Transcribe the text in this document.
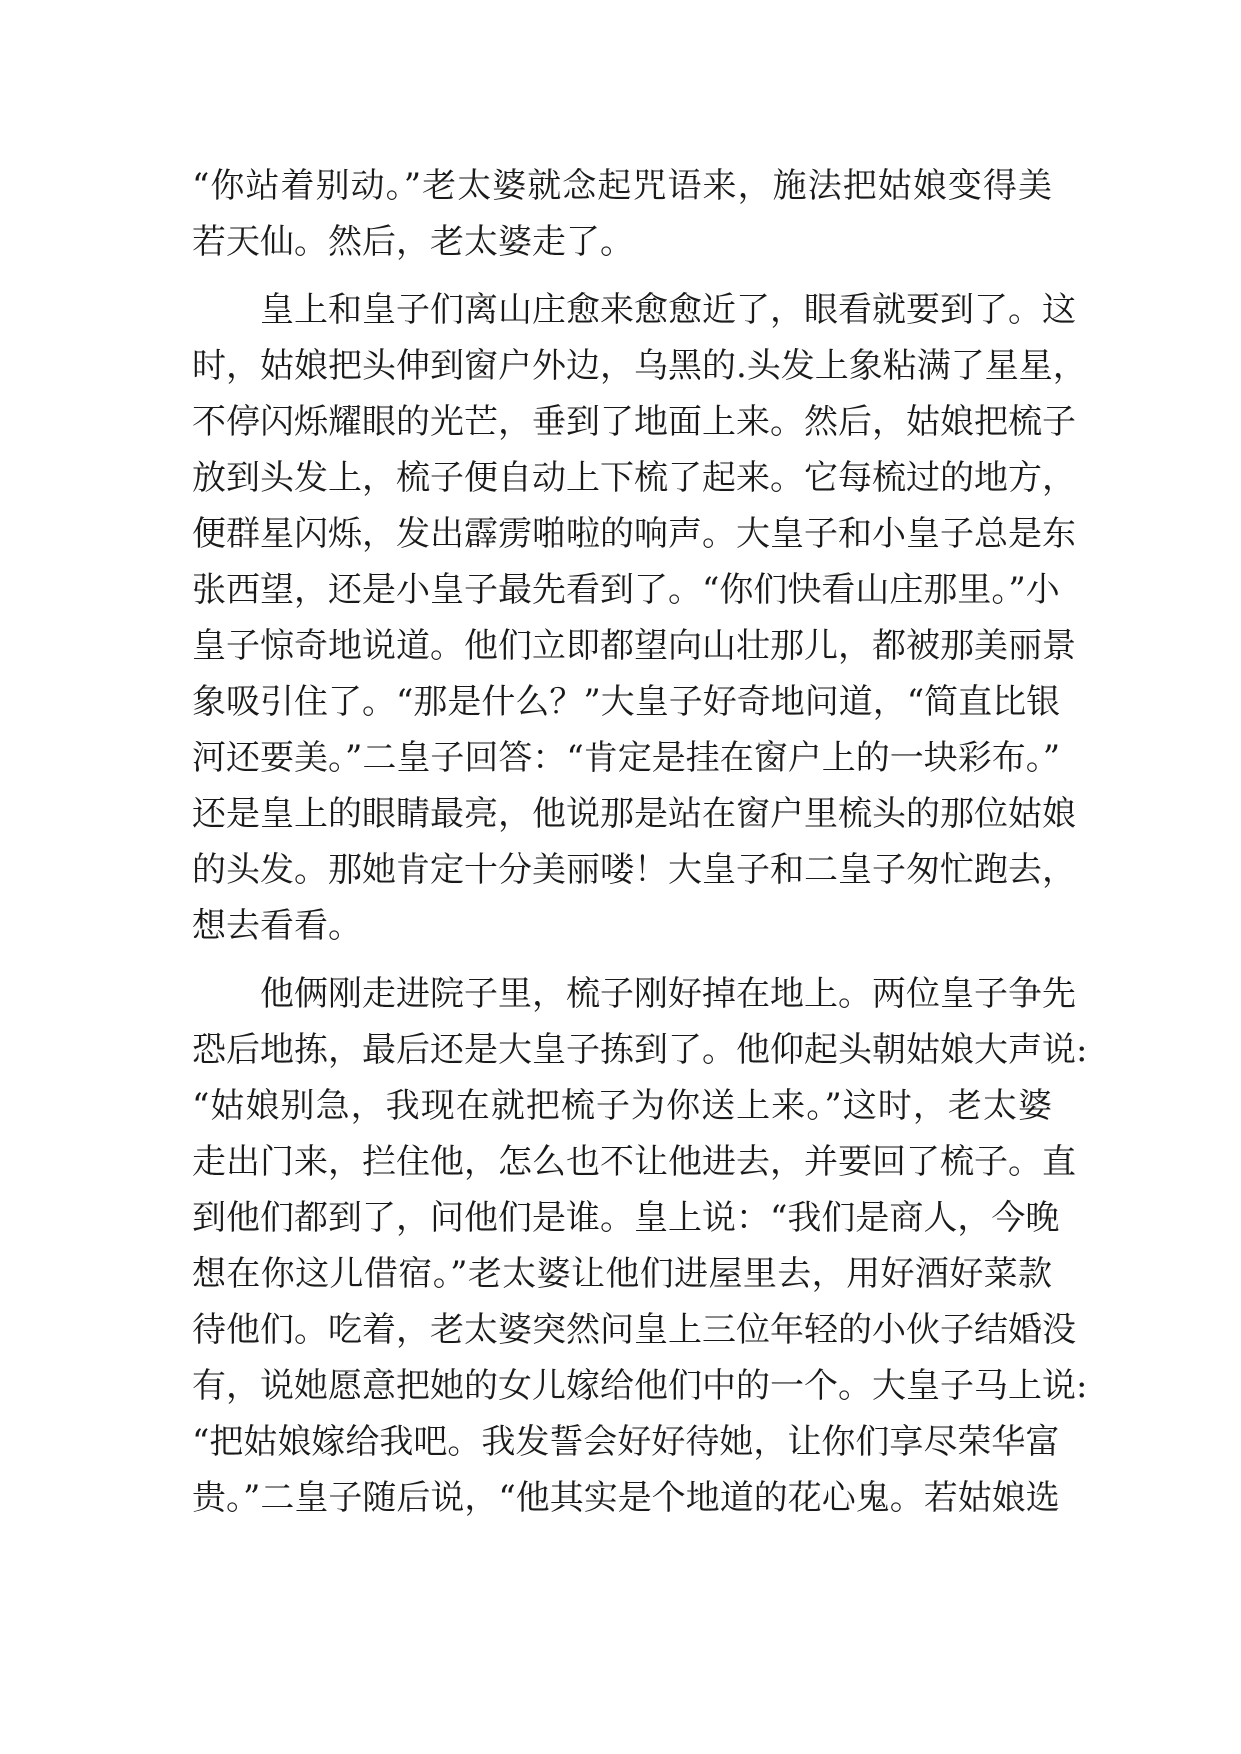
“你站着别动。”老太婆就念起咒语来，施法把姑娘变得美
若天仙。然后，老太婆走了。
皇上和皇子们离山庄愈来愈愈近了，眼看就要到了。这
时，姑娘把头伸到窗户外边，乌黑的.头发上象粘满了星星，
不停闪烁耀眼的光芒，垂到了地面上来。然后，姑娘把梳子
放到头发上，梳子便自动上下梳了起来。它每梳过的地方，
便群星闪烁，发出霹雳啪啦的响声。大皇子和小皇子总是东
张西望，还是小皇子最先看到了。“你们快看山庄那里。”小
皇子惊奇地说道。他们立即都望向山壮那儿，都被那美丽景
象吸引住了。“那是什么？”大皇子好奇地问道，“简直比银
河还要美。”二皇子回答：“肯定是挂在窗户上的一块彩布。”
还是皇上的眼睛最亮，他说那是站在窗户里梳头的那位姑娘
的头发。那她肯定十分美丽喽！大皇子和二皇子匆忙跑去，
想去看看。
他俩刚走进院子里，梳子刚好掉在地上。两位皇子争先
恐后地拣，最后还是大皇子拣到了。他仰起头朝姑娘大声说:
“姑娘别急，我现在就把梳子为你送上来。”这时，老太婆
走出门来，拦住他，怎么也不让他进去，并要回了梳子。直
到他们都到了，问他们是谁。皇上说：“我们是商人，今晚
想在你这儿借宿。”老太婆让他们进屋里去，用好酒好菜款
待他们。吃着，老太婆突然问皇上三位年轻的小伙子结婚没
有，说她愿意把她的女儿嫁给他们中的一个。大皇子马上说:
“把姑娘嫁给我吧。我发誓会好好待她，让你们享尽荣华富
贵。”二皇子随后说，“他其实是个地道的花心鬼。若姑娘选
